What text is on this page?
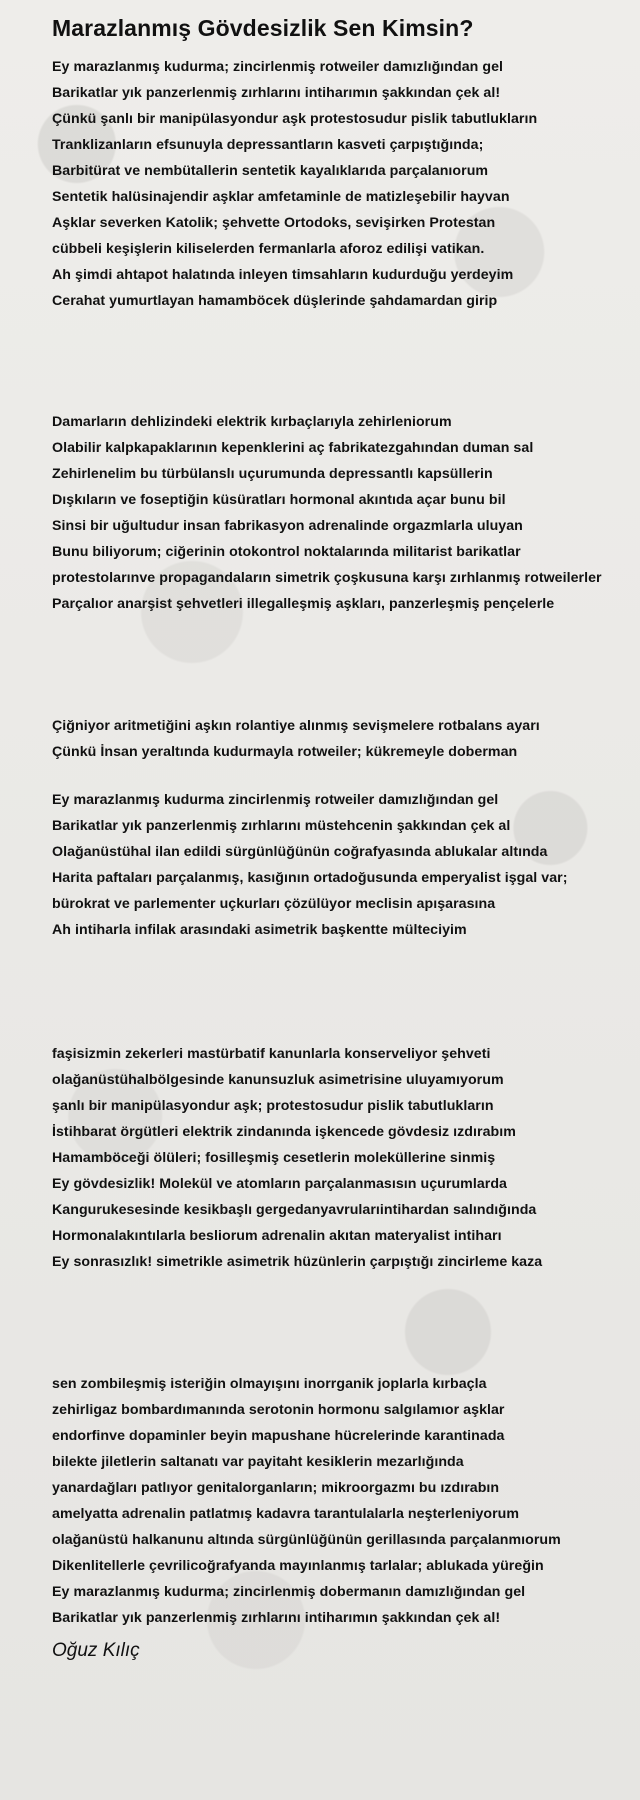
Marazlanmış Gövdesizlik Sen Kimsin?

Ey marazlanmış kudurma; zincirlenmiş rotweiler damızlığından gel
Barikatlar yık panzerlenmiş zırhlarını intiharımın şakkından çek al!
Çünkü şanlı bir manipülasyondur aşk protestosudur pislik tabutlukların
Tranklizanların efsunuyla depressantların kasveti çarpıştığında;
Barbitürat ve nembütallerin sentetik kayalıklarıda parçalanıorum
Sentetik halüsinajendir aşklar amfetaminle de matizleşebilir hayvan
Aşklar severken Katolik; şehvette Ortodoks, sevişirken Protestan
cübbeli keşişlerin kiliselerden fermanlarla aforoz edilişi vatikan.
Ah şimdi ahtapot halatında inleyen timsahların kudurduğu yerdeyim
Cerahat yumurtlayan hamamböcek düşlerinde şahdamardan girip

Damarların dehlizindeki elektrik kırbaçlarıyla zehirleniorum
Olabilir kalpkapaklarının kepenklerini aç fabrikatezgahından duman sal
Zehirlenelim bu türbülanslı uçurumunda depressantlı kapsüllerin
Dışkıların ve foseptiğin küsüratları hormonal akıntıda açar bunu bil
Sinsi bir uğultudur insan fabrikasyon adrenalinde orgazmlarla uluyan
Bunu biliyorum; ciğerinin otokontrol noktalarında militarist barikatlar
protestolarınve propagandaların simetrik çoşkusuna karşı zırhlanmış rotweilerler
Parçalıor anarşist şehvetleri illegalleşmiş aşkları, panzerleşmiş pençelerle

Çiğniyor aritmetiğini aşkın rolantiye alınmış sevişmelere rotbalans ayarı
Çünkü İnsan yeraltında kudurmayla rotweiler; kükremeyle doberman

Ey marazlanmış kudurma zincirlenmiş rotweiler damızlığından gel
Barikatlar yık panzerlenmiş zırhlarını müstehcenin şakkından çek al
Olağanüstühal ilan edildi sürgünlüğünün coğrafyasında ablukalar altında
Harita paftaları parçalanmış, kasığının ortadoğusunda emperyalist işgal var;
bürokrat ve parlementer uçkurları çözülüyor meclisin apışarasına
Ah intiharla infilak arasındaki asimetrik başkentte mülteciyim

faşisizmin zekerleri mastürbatif kanunlarla konserveliyor şehveti
olağanüstühalbölgesinde kanunsuzluk asimetrisine uluyamıyorum
şanlı bir manipülasyondur aşk; protestosudur pislik tabutlukların
İstihbarat örgütleri elektrik zindanında işkencede gövdesiz ızdırabım
Hamamböceği ölüleri; fosilleşmiş cesetlerin moleküllerine sinmiş
Ey gövdesizlik! Molekül ve atomların parçalanmasısın uçurumlarda
Kangurukesesinde kesikbaşlı gergedanyavrularıintihardan salındığında
Hormonalakıntılarla besliorum adrenalin akıtan materyalist intiharı
Ey sonrasızlık! simetrikle asimetrik hüzünlerin çarpıştığı zincirleme kaza

sen zombileşmiş isteriğin olmayışını inorrganik joplarla kırbaçla
zehirligaz bombardımanında serotonin hormonu salgılamıor aşklar
endorfinve dopaminler beyin mapushane hücrelerinde karantinada
bilekte jiletlerin saltanatı var payitaht kesiklerin mezarlığında
yanardağları patlıyor genitalorganların; mikroorgazmı bu ızdırabın
amelyatta adrenalin patlatmış kadavra tarantulalarla neşterleniyorum
olağanüstü halkanunu altında sürgünlüğünün gerillasında parçalanmıorum
Dikenlitellerle çevrilicoğrafyanda mayınlanmış tarlalar; ablukada yüreğin
Ey marazlanmış kudurma; zincirlenmiş dobermanın damızlığından gel
Barikatlar yık panzerlenmiş zırhlarını intiharımın şakkından çek al!

Oğuz Kılıç
